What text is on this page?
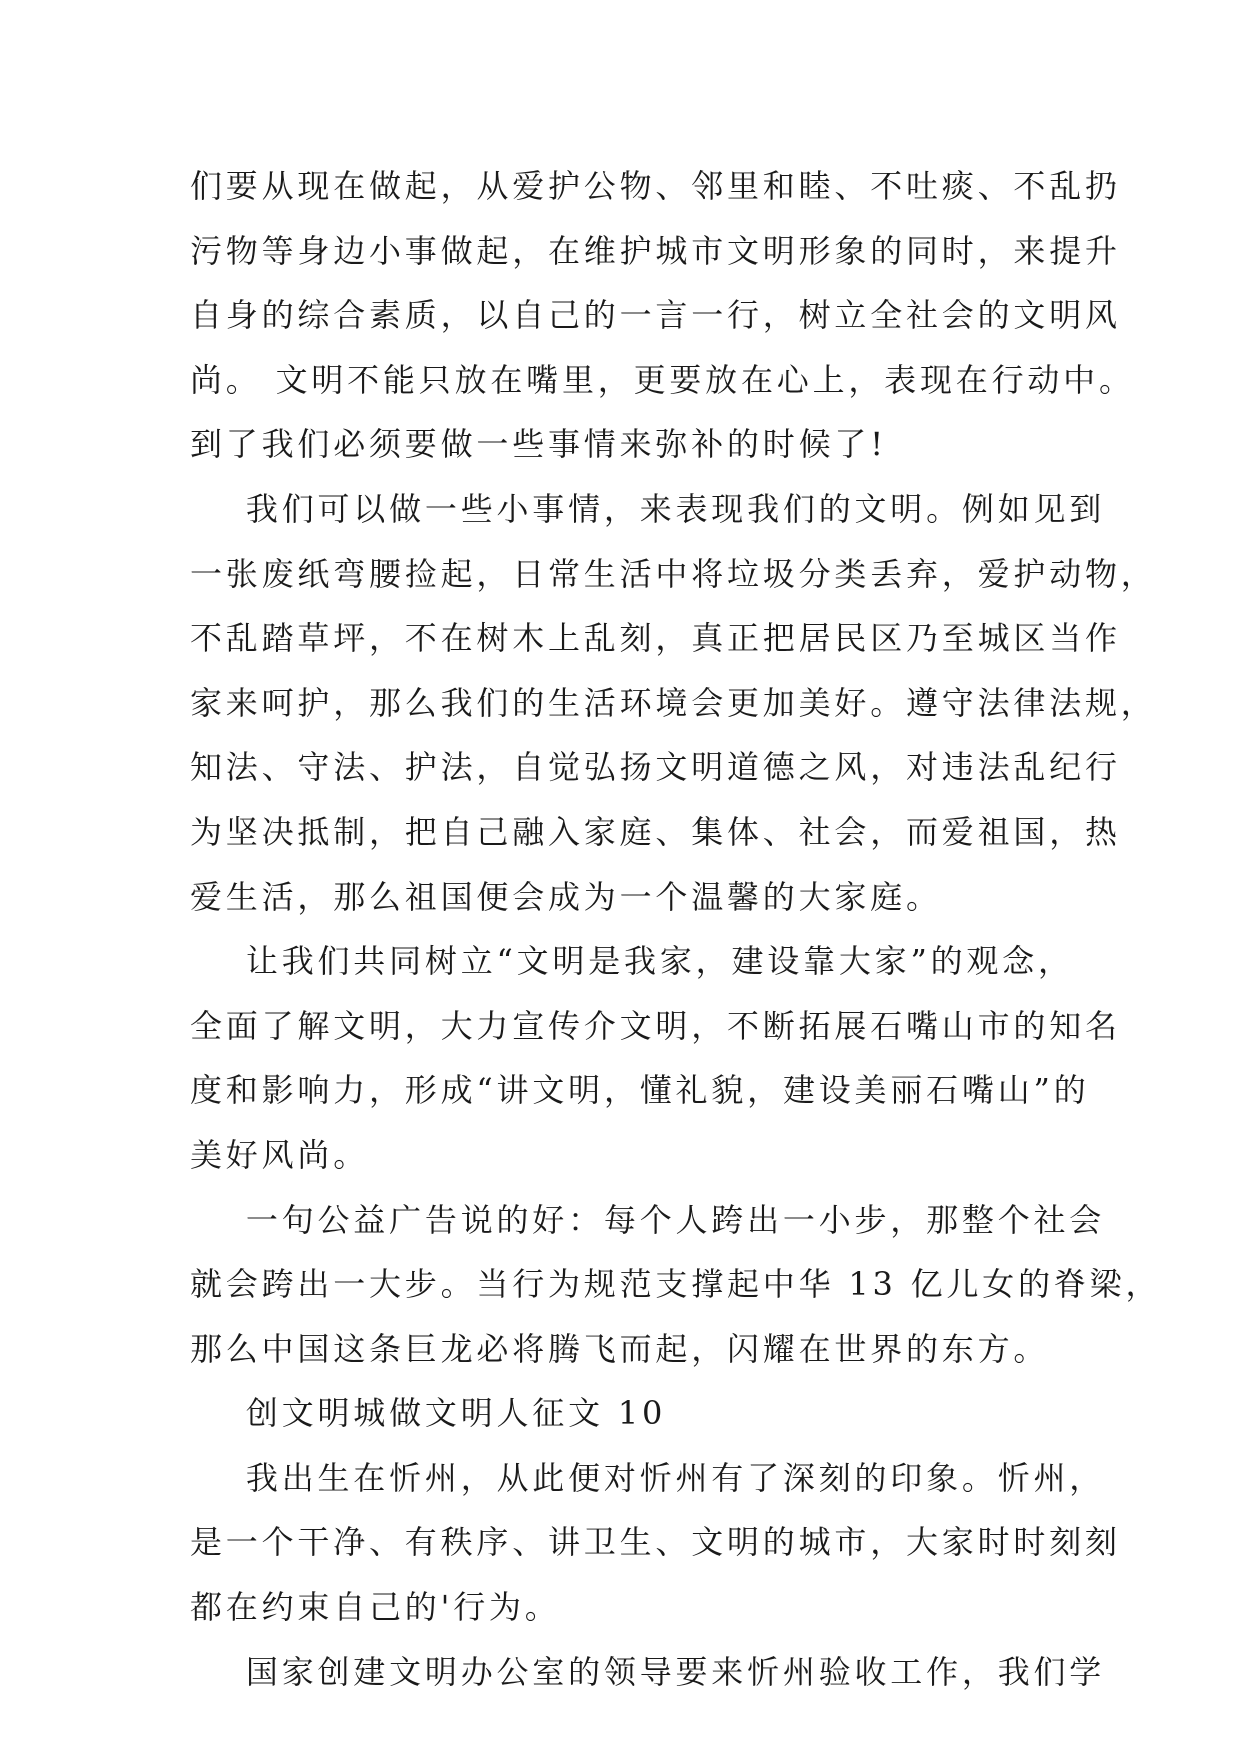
们要从现在做起，从爱护公物、邻里和睦、不吐痰、不乱扔
污物等身边小事做起，在维护城市文明形象的同时，来提升
自身的综合素质，以自己的一言一行，树立全社会的文明风
尚。 文明不能只放在嘴里，更要放在心上，表现在行动中。
到了我们必须要做一些事情来弥补的时候了!
我们可以做一些小事情，来表现我们的文明。例如见到
一张废纸弯腰捡起，日常生活中将垃圾分类丢弃，爱护动物，
不乱踏草坪，不在树木上乱刻，真正把居民区乃至城区当作
家来呵护，那么我们的生活环境会更加美好。遵守法律法规，
知法、守法、护法，自觉弘扬文明道德之风，对违法乱纪行
为坚决抵制，把自己融入家庭、集体、社会，而爱祖国，热
爱生活，那么祖国便会成为一个温馨的大家庭。
让我们共同树立“文明是我家，建设靠大家”的观念，
全面了解文明，大力宣传介文明，不断拓展石嘴山市的知名
度和影响力，形成“讲文明，懂礼貌，建设美丽石嘴山”的
美好风尚。
一句公益广告说的好：每个人跨出一小步，那整个社会
就会跨出一大步。当行为规范支撑起中华 13 亿儿女的脊梁，
那么中国这条巨龙必将腾飞而起，闪耀在世界的东方。
创文明城做文明人征文 10
我出生在忻州，从此便对忻州有了深刻的印象。忻州，
是一个干净、有秩序、讲卫生、文明的城市，大家时时刻刻
都在约束自己的'行为。
国家创建文明办公室的领导要来忻州验收工作，我们学
